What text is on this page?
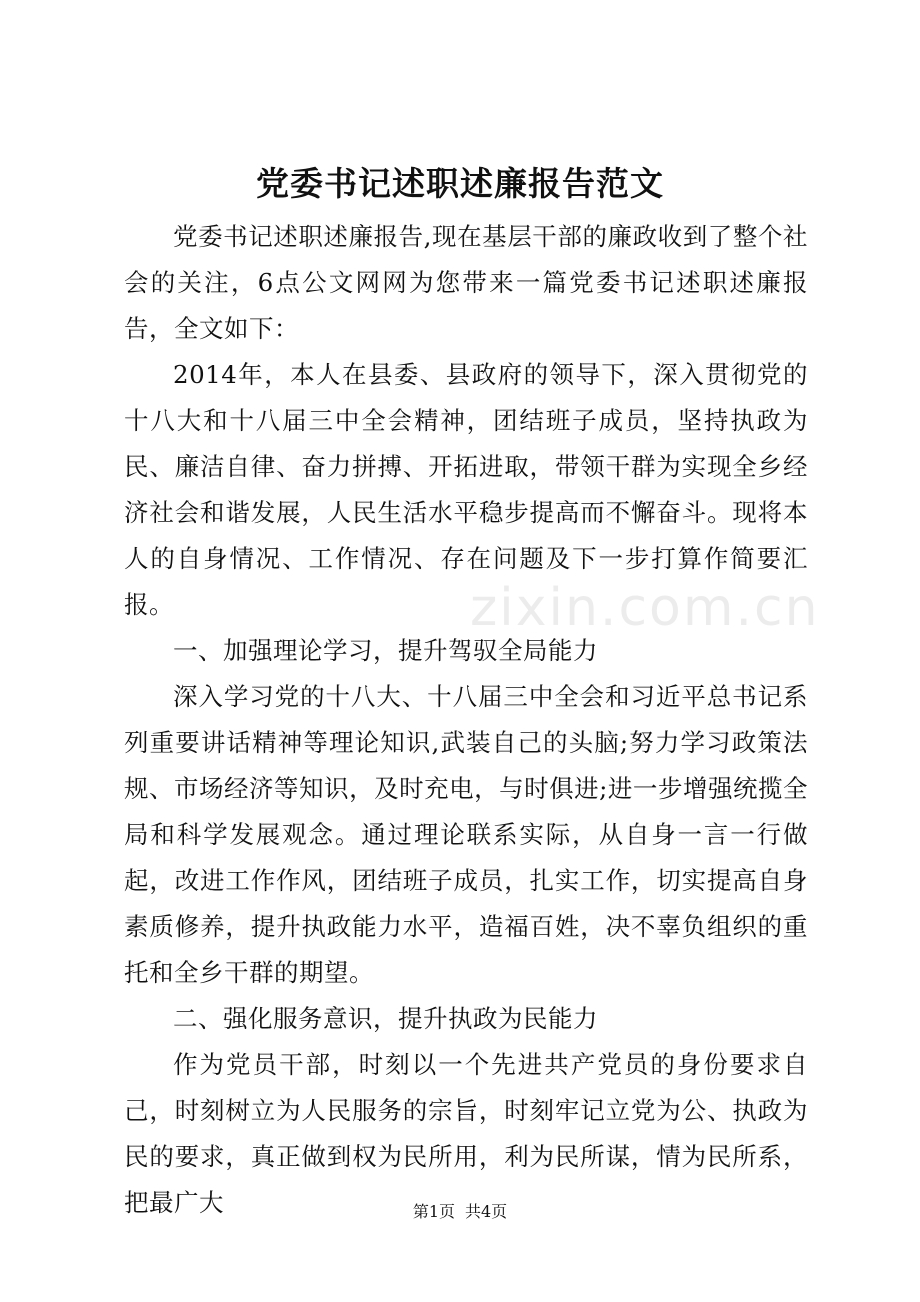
党委书记述职述廉报告范文

党委书记述职述廉报告,现在基层干部的廉政收到了整个社会的关注，6点公文网网为您带来一篇党委书记述职述廉报告，全文如下：

2014年，本人在县委、县政府的领导下，深入贯彻党的十八大和十八届三中全会精神，团结班子成员，坚持执政为民、廉洁自律、奋力拼搏、开拓进取，带领干群为实现全乡经济社会和谐发展，人民生活水平稳步提高而不懈奋斗。现将本人的自身情况、工作情况、存在问题及下一步打算作简要汇报。

一、加强理论学习，提升驾驭全局能力

深入学习党的十八大、十八届三中全会和习近平总书记系列重要讲话精神等理论知识,武装自己的头脑;努力学习政策法规、市场经济等知识，及时充电，与时俱进;进一步增强统揽全局和科学发展观念。通过理论联系实际，从自身一言一行做起，改进工作作风，团结班子成员，扎实工作，切实提高自身素质修养，提升执政能力水平，造福百姓，决不辜负组织的重托和全乡干群的期望。

二、强化服务意识，提升执政为民能力

作为党员干部，时刻以一个先进共产党员的身份要求自己，时刻树立为人民服务的宗旨，时刻牢记立党为公、执政为民的要求，真正做到权为民所用，利为民所谋，情为民所系，把最广大

zixin.com.cn
第1页 共4页
